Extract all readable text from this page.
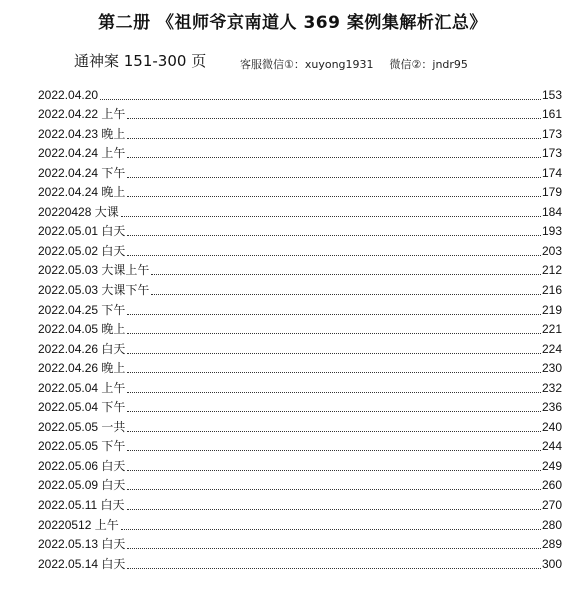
第二册 《祖师爷京南道人 369 案例集解析汇总》
通神案 151-300 页	客服微信①：xuyong1931 微信②：jndr95
2022.04.20	153
2022.04.22 上午	161
2022.04.23 晚上	173
2022.04.24 上午	173
2022.04.24 下午	174
2022.04.24 晚上	179
20220428 大课	184
2022.05.01 白天	193
2022.05.02 白天	203
2022.05.03 大课上午	212
2022.05.03 大课下午	216
2022.04.25 下午	219
2022.04.05 晚上	221
2022.04.26 白天	224
2022.04.26 晚上	230
2022.05.04 上午	232
2022.05.04 下午	236
2022.05.05 一共	240
2022.05.05 下午	244
2022.05.06 白天	249
2022.05.09 白天	260
2022.05.11 白天	270
20220512 上午	280
2022.05.13 白天	289
2022.05.14 白天	300
